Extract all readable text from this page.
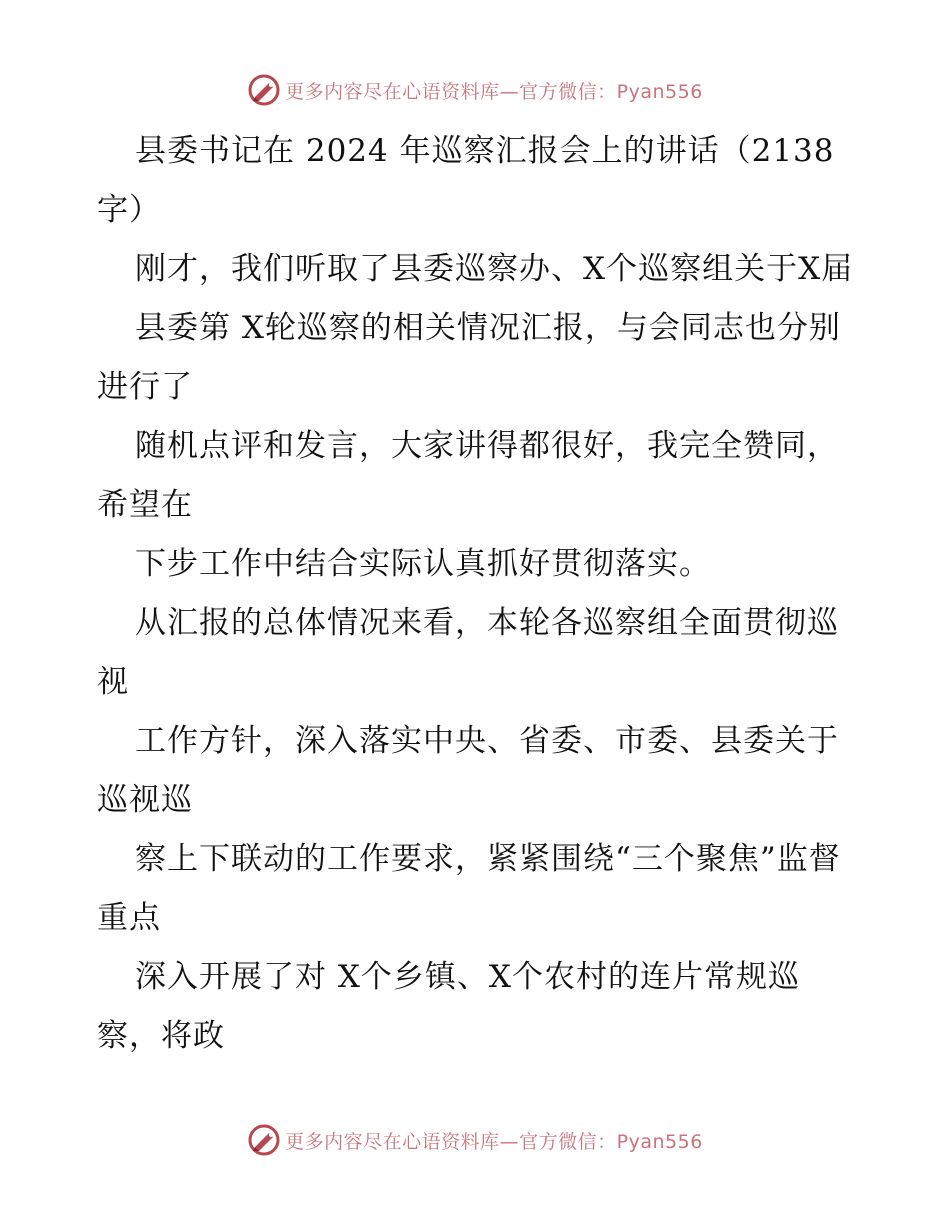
更多内容尽在心语资料库—官方微信：Pyan556

县委书记在 2024 年巡察汇报会上的讲话（2138字）

刚才，我们听取了县委巡察办、X个巡察组关于X届

县委第 X轮巡察的相关情况汇报，与会同志也分别进行了

随机点评和发言，大家讲得都很好，我完全赞同，希望在

下步工作中结合实际认真抓好贯彻落实。

从汇报的总体情况来看，本轮各巡察组全面贯彻巡视

工作方针，深入落实中央、省委、市委、县委关于巡视巡

察上下联动的工作要求，紧紧围绕“三个聚焦”监督重点

深入开展了对 X个乡镇、X个农村的连片常规巡察，将政

更多内容尽在心语资料库—官方微信：Pyan556
